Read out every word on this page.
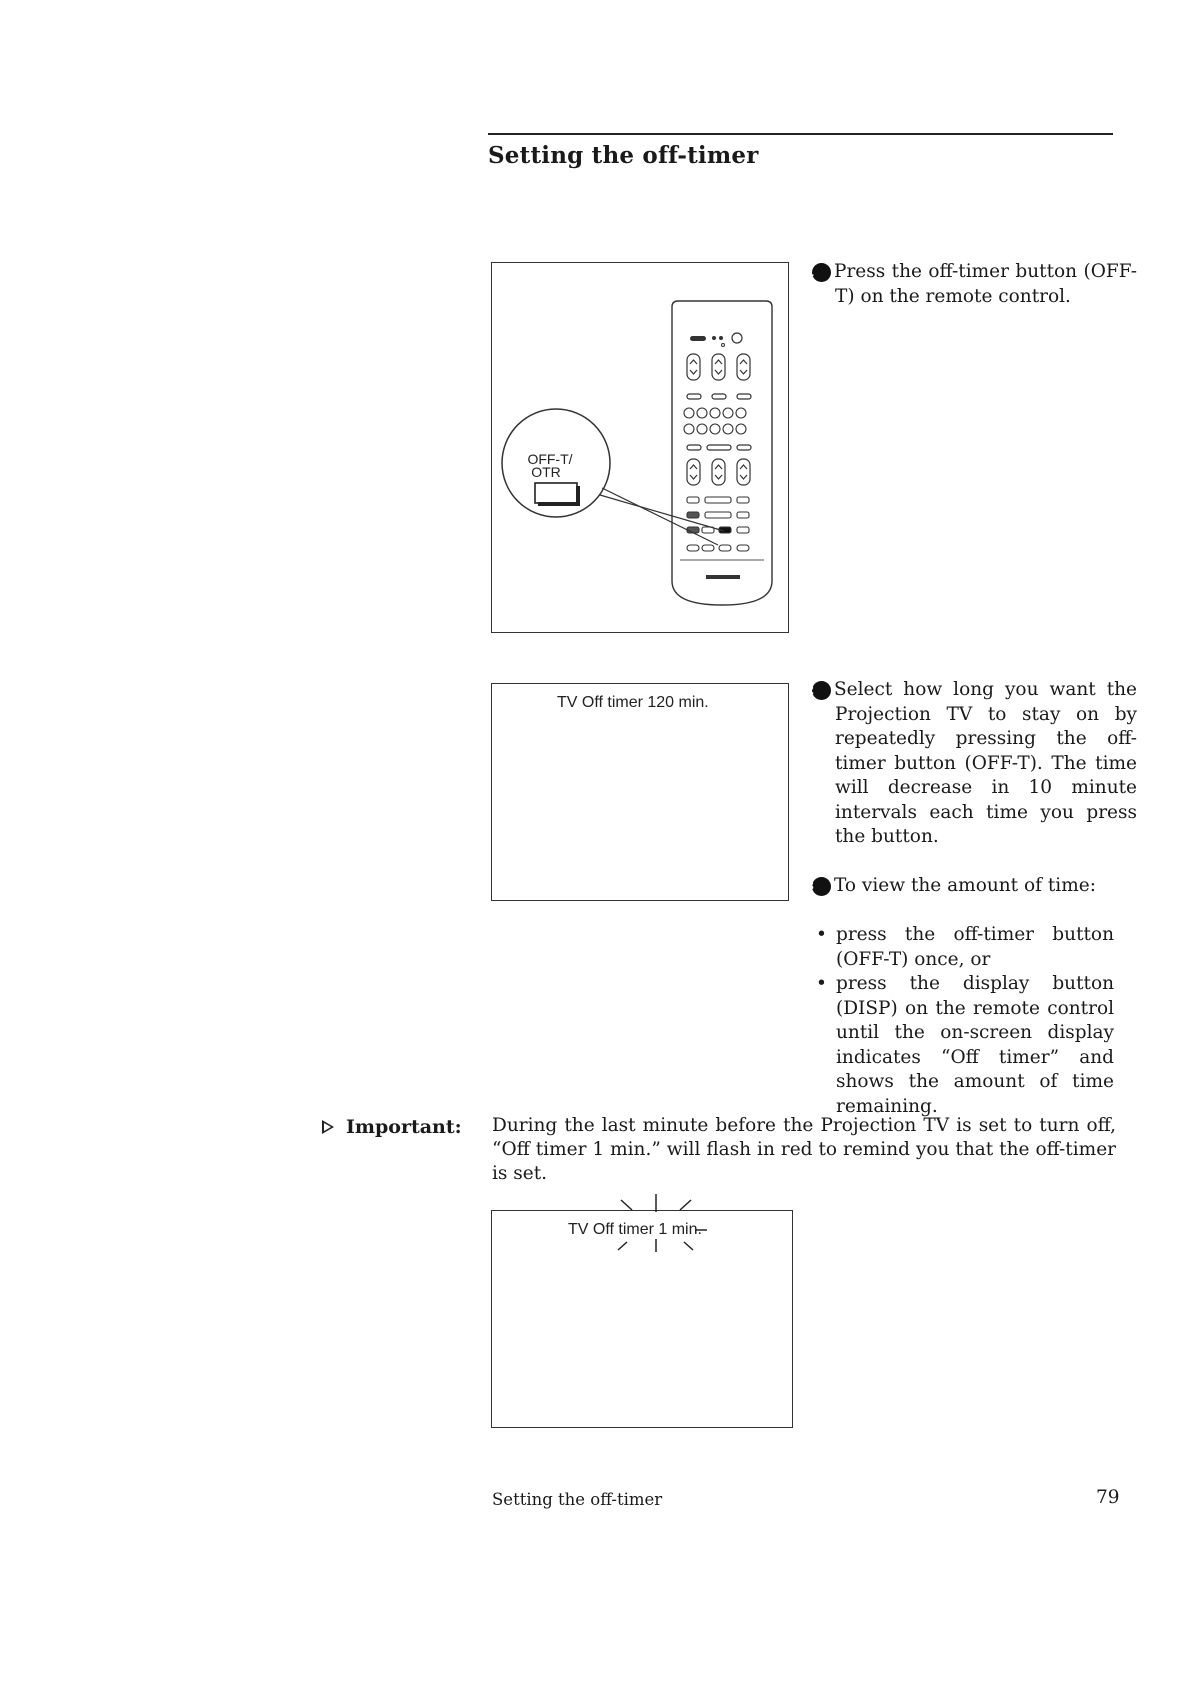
Setting the off-timer
OFF-T/
OTR
1 Press the off-timer button (OFF-T) on the remote control.
TV Off timer 120 min.
2 Select how long you want the Projection TV to stay on by repeatedly pressing the off-timer button (OFF-T). The time will decrease in 10 minute intervals each time you press the button.
3 To view the amount of time:
• press the off-timer button (OFF-T) once, or
• press the display button (DISP) on the remote control until the on-screen display indicates “Off timer” and shows the amount of time remaining.
Important: During the last minute before the Projection TV is set to turn off, “Off timer 1 min.” will flash in red to remind you that the off-timer is set.
TV Off timer 1 min.
Setting the off-timer	79
